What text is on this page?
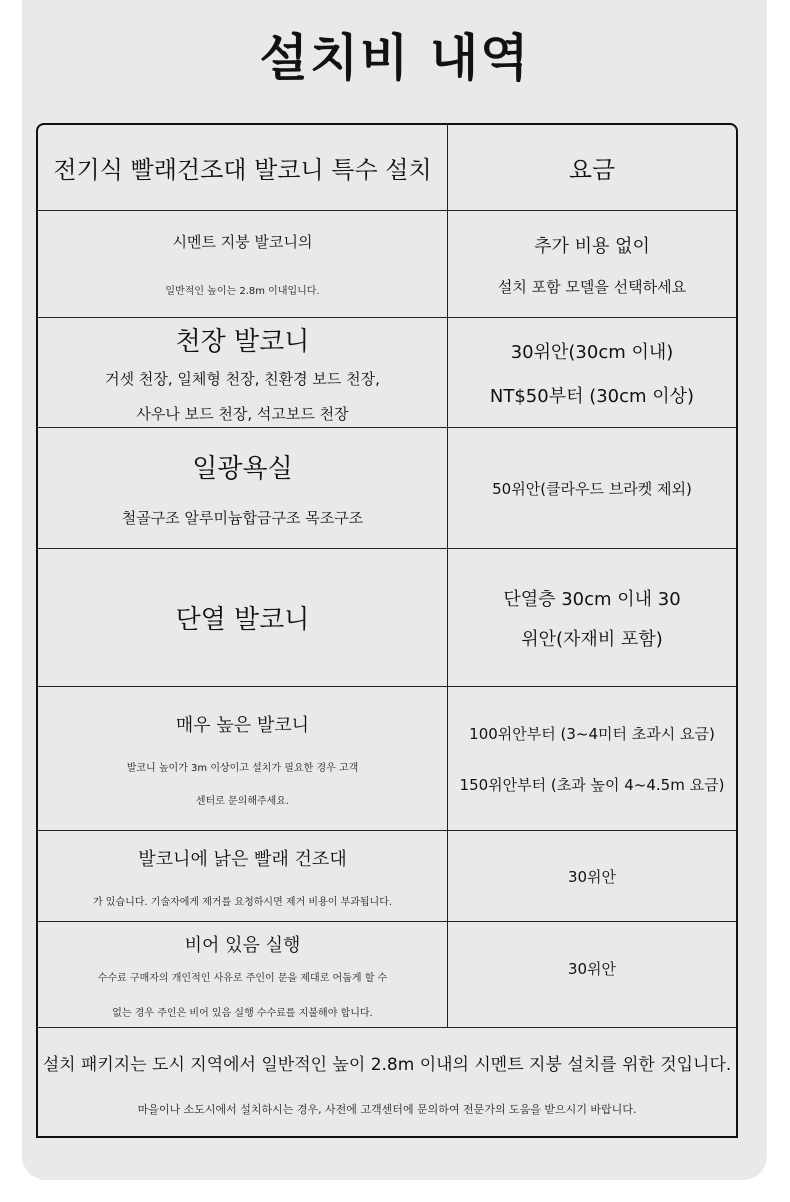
설치비 내역
전기식 빨래건조대 발코니 특수 설치	요금
시멘트 지붕 발코니의
일반적인 높이는 2.8m 이내입니다.
추가 비용 없이
설치 포함 모델을 선택하세요
천장 발코니
거셋 천장, 일체형 천장, 친환경 보드 천장,
사우나 보드 천장, 석고보드 천장
30위안(30cm 이내)
NT$50부터 (30cm 이상)
일광욕실
철골구조 알루미늄합금구조 목조구조
50위안(클라우드 브라켓 제외)
단열 발코니
단열층 30cm 이내 30
위안(자재비 포함)
매우 높은 발코니
발코니 높이가 3m 이상이고 설치가 필요한 경우 고객
센터로 문의해주세요.
100위안부터 (3~4미터 초과시 요금)
150위안부터 (초과 높이 4~4.5m 요금)
발코니에 낡은 빨래 건조대
가 있습니다. 기술자에게 제거를 요청하시면 제거 비용이 부과됩니다.
30위안
비어 있음 실행
수수료 구매자의 개인적인 사유로 주인이 문을 제대로 어둡게 할 수
없는 경우 주인은 비어 있음 실행 수수료를 지불해야 합니다.
30위안
설치 패키지는 도시 지역에서 일반적인 높이 2.8m 이내의 시멘트 지붕 설치를 위한 것입니다.
마을이나 소도시에서 설치하시는 경우, 사전에 고객센터에 문의하여 전문가의 도움을 받으시기 바랍니다.
